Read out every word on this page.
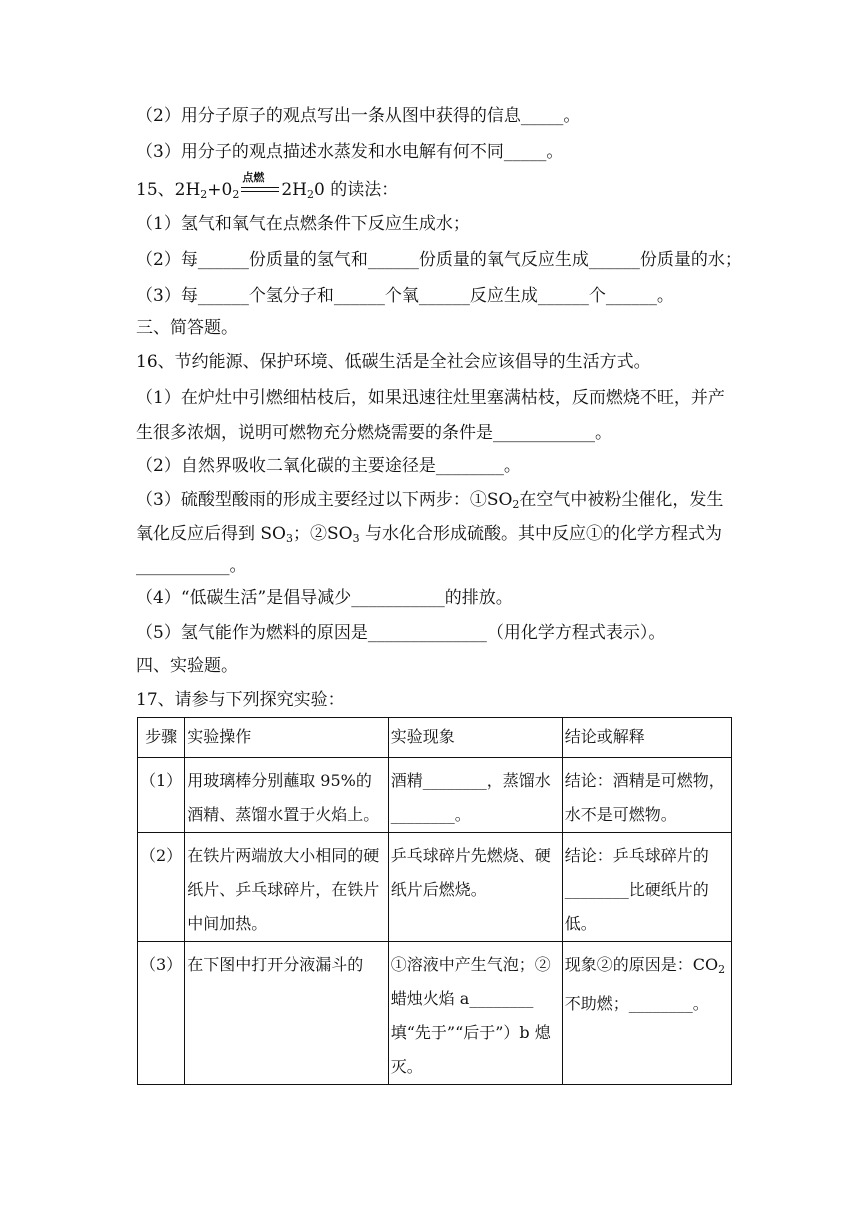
（2）用分子原子的观点写出一条从图中获得的信息_____。
（3）用分子的观点描述水蒸发和水电解有何不同_____。
15、$2H_2+0_2$
点燃
$2H_20$ 的读法：
（1）氢气和氧气在点燃条件下反应生成水；
（2）每______份质量的氢气和______份质量的氧气反应生成______份质量的水；
（3）每______个氢分子和______个氧______反应生成______个______。
三、简答题。
16、节约能源、保护环境、低碳生活是全社会应该倡导的生活方式。
（1）在炉灶中引燃细枯枝后，如果迅速往灶里塞满枯枝，反而燃烧不旺，并产
生很多浓烟，说明可燃物充分燃烧需要的条件是____________。
（2）自然界吸收二氧化碳的主要途径是________。
（3）硫酸型酸雨的形成主要经过以下两步：$①SO_2$在空气中被粉尘催化，发生
氧化反应后得到 $SO_3$；$②SO_3$ 与水化合形成硫酸。其中反应①的化学方程式为
___________。
（4）“低碳生活”是倡导减少___________的排放。
（5）氢气能作为燃料的原因是______________（用化学方程式表示）。
四、实验题。
17、请参与下列探究实验：
步骤	实验操作	实验现象	结论或解释
（1）	用玻璃棒分别蘸取 95%的酒精、蒸馏水置于火焰上。	酒精________，蒸馏水________。	结论：酒精是可燃物，水不是可燃物。
（2）	在铁片两端放大小相同的硬纸片、乒乓球碎片，在铁片中间加热。	乒乓球碎片先燃烧、硬纸片后燃烧。	结论：乒乓球碎片的________比硬纸片的低。
（3）	在下图中打开分液漏斗的	①溶液中产生气泡；②蜡烛火焰 a________填“先于”“后于”）b 熄灭。	现象②的原因是：$CO_2$不助燃；________。
